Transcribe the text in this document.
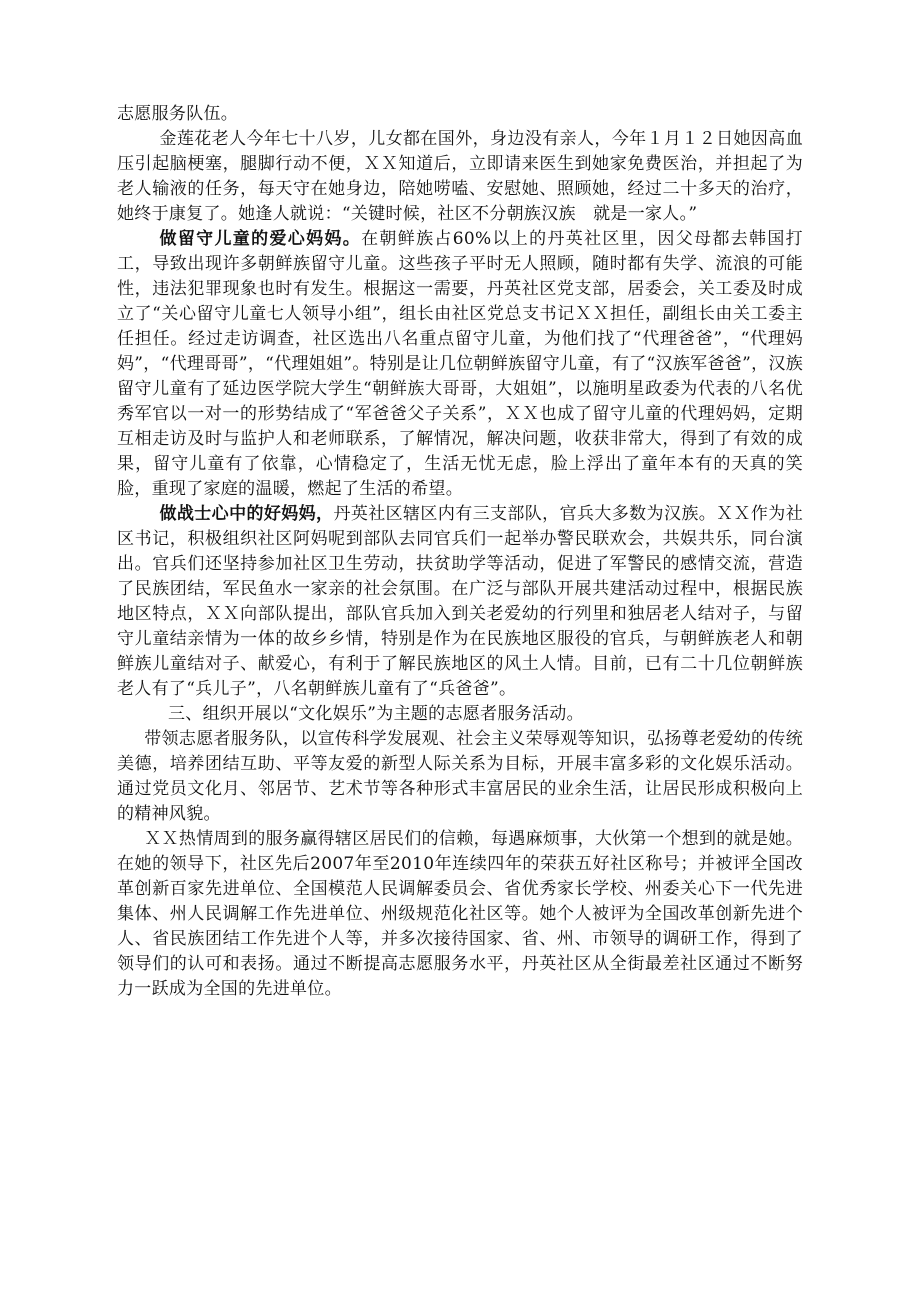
志愿服务队伍。

金莲花老人今年七十八岁，儿女都在国外，身边没有亲人，今年１月１２日她因高血压引起脑梗塞，腿脚行动不便，ＸＸ知道后，立即请来医生到她家免费医治，并担起了为老人输液的任务，每天守在她身边，陪她唠嗑、安慰她、照顾她，经过二十多天的治疗，她终于康复了。她逢人就说：“关键时候，社区不分朝族汉族　就是一家人。”

做留守儿童的爱心妈妈。在朝鲜族占60%以上的丹英社区里，因父母都去韩国打工，导致出现许多朝鲜族留守儿童。这些孩子平时无人照顾，随时都有失学、流浪的可能性，违法犯罪现象也时有发生。根据这一需要，丹英社区党支部，居委会，关工委及时成立了“关心留守儿童七人领导小组”，组长由社区党总支书记ＸＸ担任，副组长由关工委主任担任。经过走访调查，社区选出八名重点留守儿童，为他们找了“代理爸爸”，“代理妈妈”，“代理哥哥”，“代理姐姐”。特别是让几位朝鲜族留守儿童，有了“汉族军爸爸”，汉族留守儿童有了延边医学院大学生“朝鲜族大哥哥，大姐姐”，以施明星政委为代表的八名优秀军官以一对一的形势结成了“军爸爸父子关系”，ＸＸ也成了留守儿童的代理妈妈，定期互相走访及时与监护人和老师联系，了解情况，解决问题，收获非常大，得到了有效的成果，留守儿童有了依靠，心情稳定了，生活无忧无虑，脸上浮出了童年本有的天真的笑脸，重现了家庭的温暖，燃起了生活的希望。

做战士心中的好妈妈，丹英社区辖区内有三支部队，官兵大多数为汉族。ＸＸ作为社区书记，积极组织社区阿妈呢到部队去同官兵们一起举办警民联欢会，共娱共乐，同台演出。官兵们还坚持参加社区卫生劳动，扶贫助学等活动，促进了军警民的感情交流，营造了民族团结，军民鱼水一家亲的社会氛围。在广泛与部队开展共建活动过程中，根据民族地区特点，ＸＸ向部队提出，部队官兵加入到关老爱幼的行列里和独居老人结对子，与留守儿童结亲情为一体的故乡乡情，特别是作为在民族地区服役的官兵，与朝鲜族老人和朝鲜族儿童结对子、献爱心，有利于了解民族地区的风土人情。目前，已有二十几位朝鲜族老人有了“兵儿子”，八名朝鲜族儿童有了“兵爸爸”。

三、组织开展以“文化娱乐”为主题的志愿者服务活动。

带领志愿者服务队，以宣传科学发展观、社会主义荣辱观等知识，弘扬尊老爱幼的传统美德，培养团结互助、平等友爱的新型人际关系为目标，开展丰富多彩的文化娱乐活动。通过党员文化月、邻居节、艺术节等各种形式丰富居民的业余生活，让居民形成积极向上的精神风貌。

ＸＸ热情周到的服务赢得辖区居民们的信赖，每遇麻烦事，大伙第一个想到的就是她。在她的领导下，社区先后2007年至2010年连续四年的荣获五好社区称号；并被评全国改革创新百家先进单位、全国模范人民调解委员会、省优秀家长学校、州委关心下一代先进集体、州人民调解工作先进单位、州级规范化社区等。她个人被评为全国改革创新先进个人、省民族团结工作先进个人等，并多次接待国家、省、州、市领导的调研工作，得到了领导们的认可和表扬。通过不断提高志愿服务水平，丹英社区从全街最差社区通过不断努力一跃成为全国的先进单位。
